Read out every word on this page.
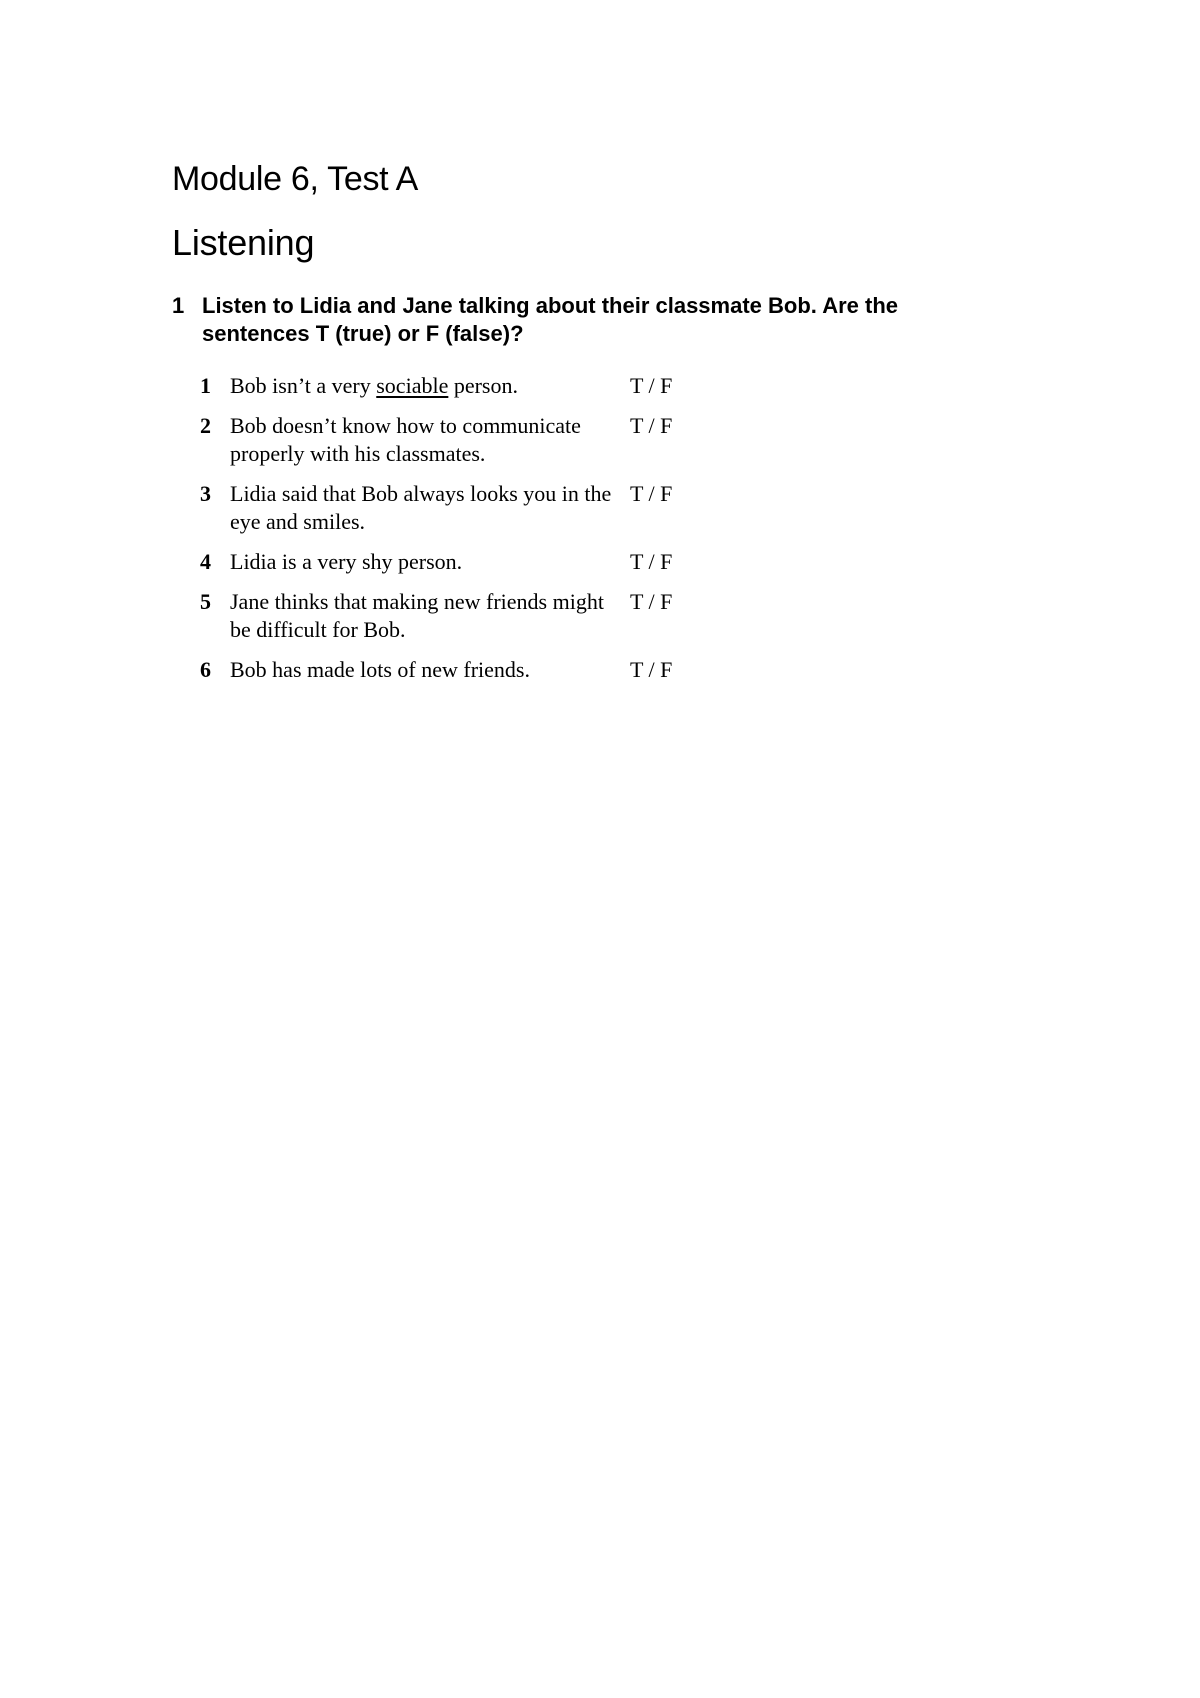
Module 6, Test A
Listening
1 Listen to Lidia and Jane talking about their classmate Bob. Are the sentences T (true) or F (false)?
1 Bob isn’t a very sociable person.	T / F
2 Bob doesn’t know how to communicate properly with his classmates.
T / F
3 Lidia said that Bob always looks you in the eye and smiles.
T / F
4 Lidia is a very shy person.	T / F
5 Jane thinks that making new friends might be difficult for Bob.
T / F
6 Bob has made lots of new friends.	T / F
